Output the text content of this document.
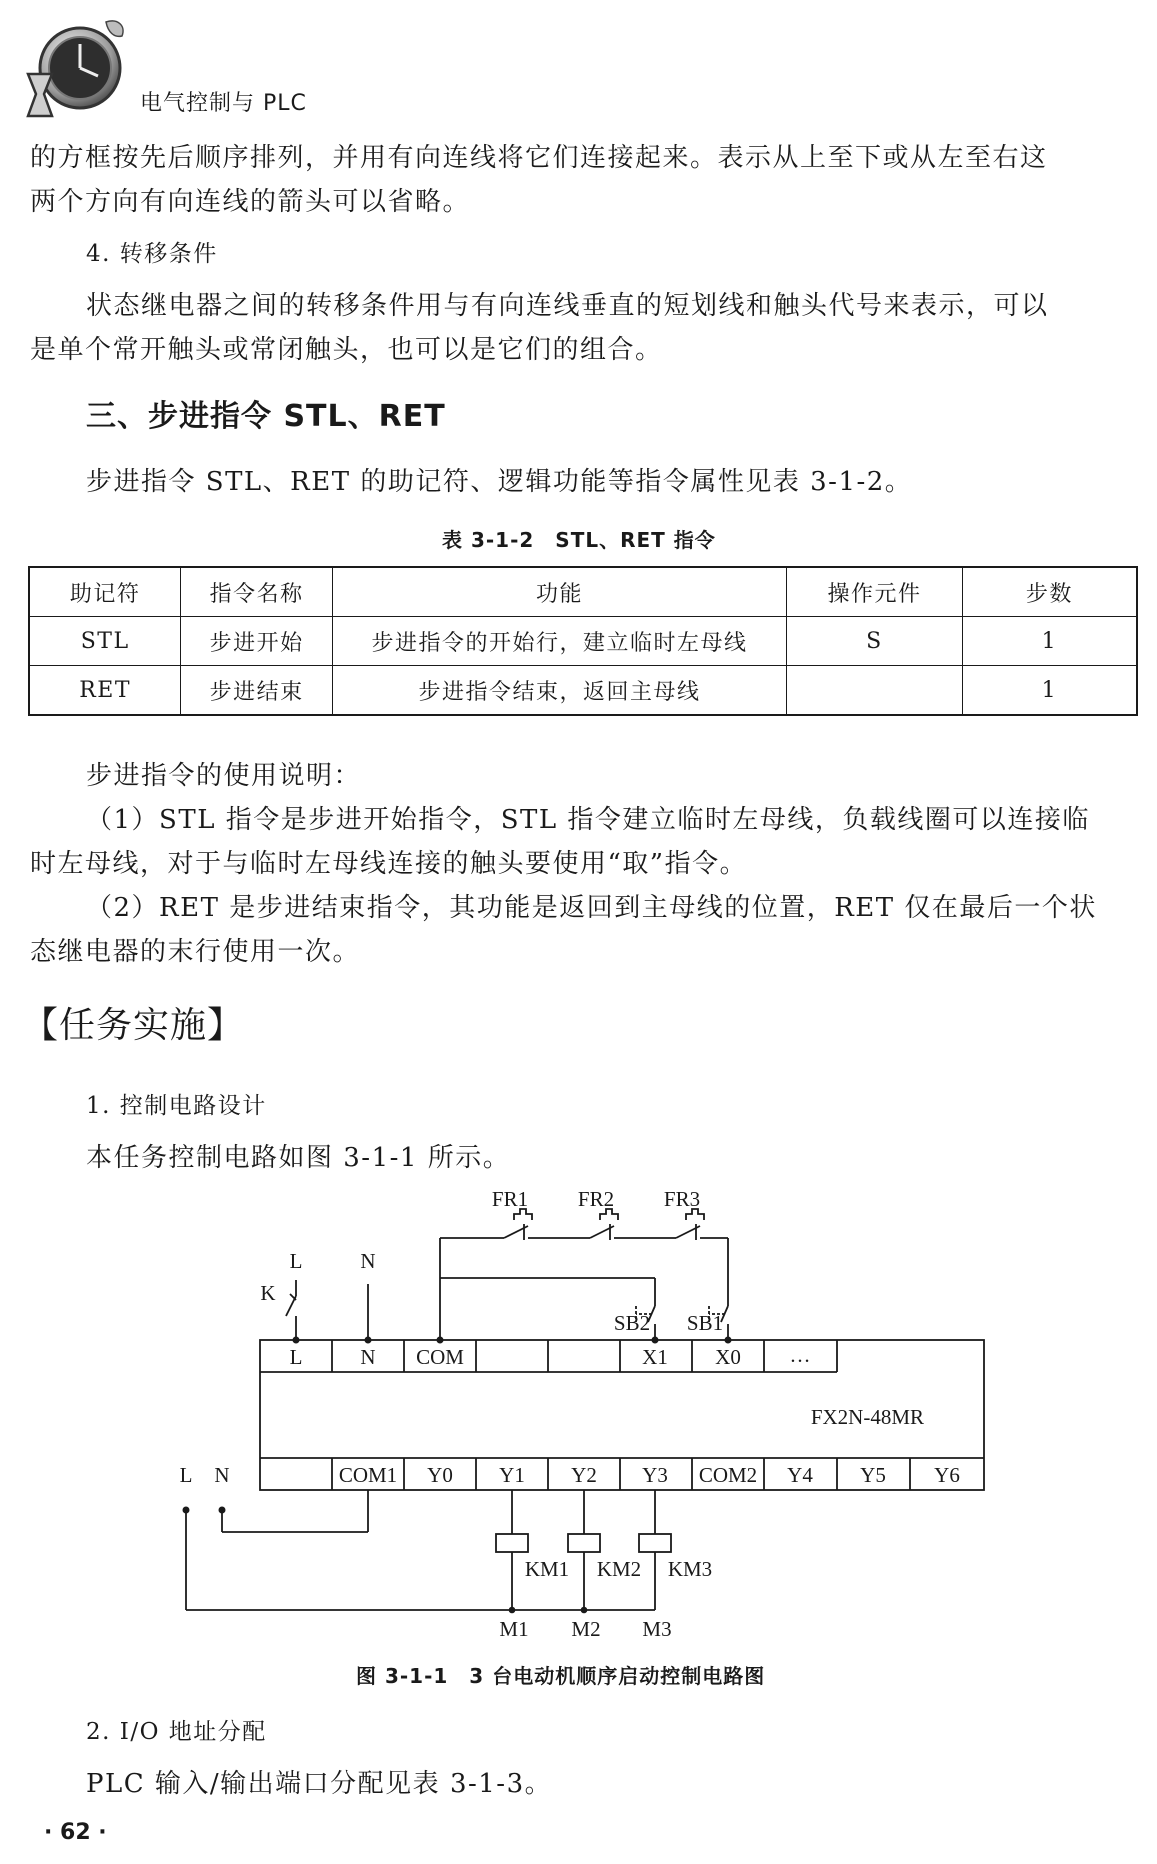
电气控制与 PLC
的方框按先后顺序排列，并用有向连线将它们连接起来。表示从上至下或从左至右这
两个方向有向连线的箭头可以省略。
4. 转移条件
状态继电器之间的转移条件用与有向连线垂直的短划线和触头代号来表示，可以
是单个常开触头或常闭触头，也可以是它们的组合。
三、步进指令 STL、RET
步进指令 STL、RET 的助记符、逻辑功能等指令属性见表 3-1-2。
表 3-1-2　STL、RET 指令
助记符	指令名称	功能	操作元件	步数
STL	步进开始	步进指令的开始行，建立临时左母线	S	1
RET	步进结束	步进指令结束，返回主母线		1
步进指令的使用说明：
（1）STL 指令是步进开始指令，STL 指令建立临时左母线，负载线圈可以连接临
时左母线，对于与临时左母线连接的触头要使用“取”指令。
（2）RET 是步进结束指令，其功能是返回到主母线的位置，RET 仅在最后一个状
态继电器的末行使用一次。
【任务实施】
1. 控制电路设计
本任务控制电路如图 3-1-1 所示。
FR1 FR2 FR3
L	N
K
SB2 SB1
L	N COM	X1 X0 …
FX2N-48MR
COM1 Y0 Y1 Y2 Y3 COM2 Y4 Y5 Y6
L N
KM1 KM2 KM3
M1 M2 M3
图 3-1-1　3 台电动机顺序启动控制电路图
2. I/O 地址分配
PLC 输入/输出端口分配见表 3-1-3。
· 62 ·
